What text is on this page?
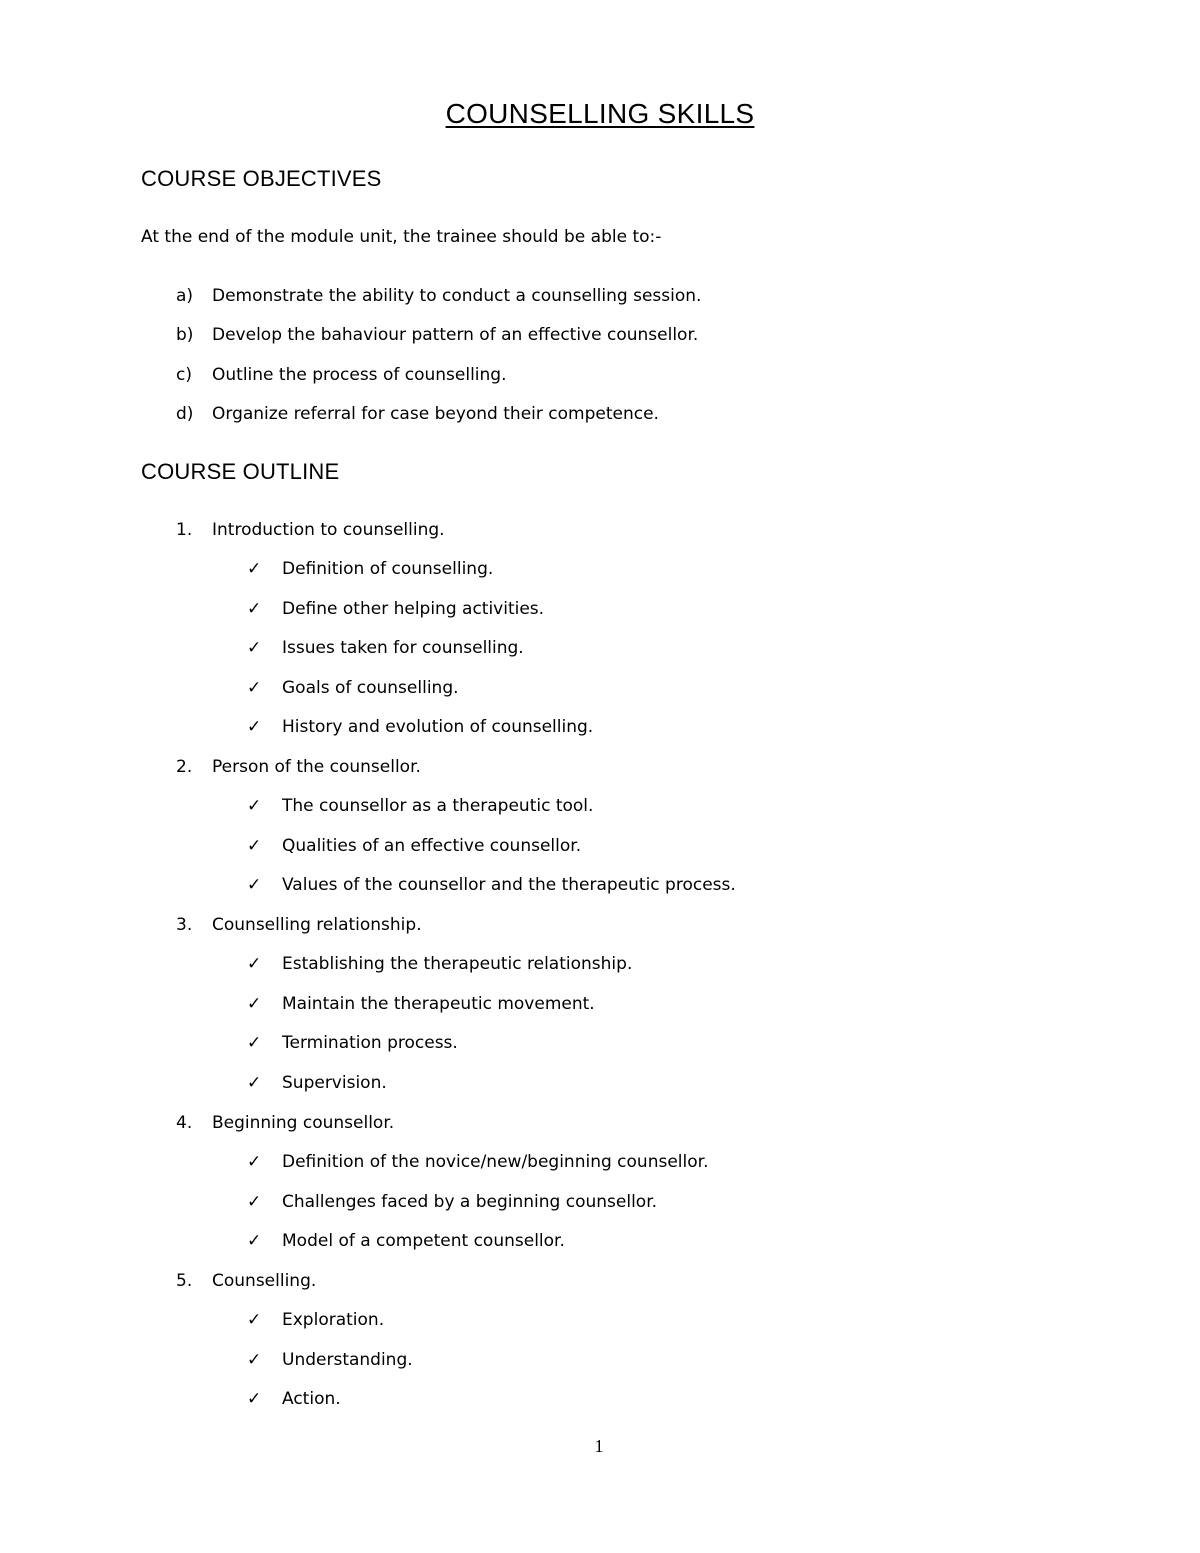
COUNSELLING SKILLS
COURSE OBJECTIVES
At the end of the module unit, the trainee should be able to:-
a) Demonstrate the ability to conduct a counselling session.
b) Develop the bahaviour pattern of an effective counsellor.
c) Outline the process of counselling.
d) Organize referral for case beyond their competence.
COURSE OUTLINE
1. Introduction to counselling.
✓ Definition of counselling.
✓ Define other helping activities.
✓ Issues taken for counselling.
✓ Goals of counselling.
✓ History and evolution of counselling.
2. Person of the counsellor.
✓ The counsellor as a therapeutic tool.
✓ Qualities of an effective counsellor.
✓ Values of the counsellor and the therapeutic process.
3. Counselling relationship.
✓ Establishing the therapeutic relationship.
✓ Maintain the therapeutic movement.
✓ Termination process.
✓ Supervision.
4. Beginning counsellor.
✓ Definition of the novice/new/beginning counsellor.
✓ Challenges faced by a beginning counsellor.
✓ Model of a competent counsellor.
5. Counselling.
✓ Exploration.
✓ Understanding.
✓ Action.
1
